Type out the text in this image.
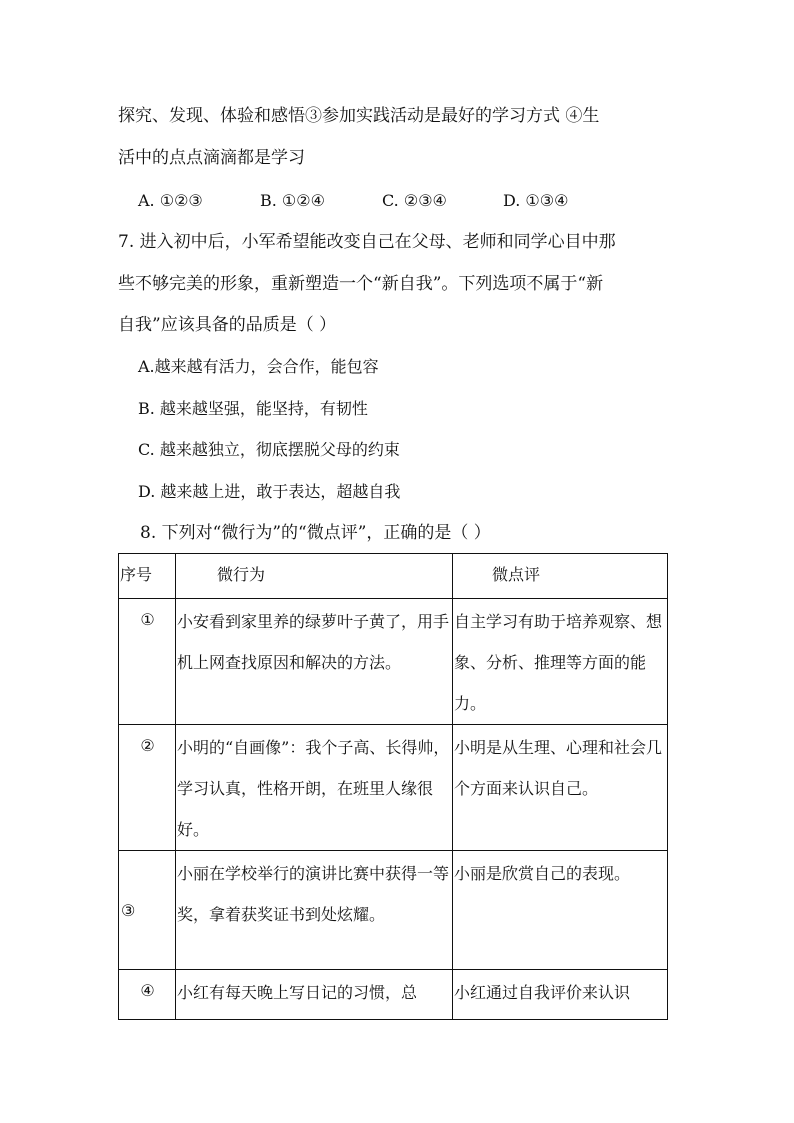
探究、发现、体验和感悟③参加实践活动是最好的学习方式 ④生
活中的点点滴滴都是学习
A. ①②③	B. ①②④	C. ②③④	D. ①③④
7. 进入初中后，小军希望能改变自己在父母、老师和同学心目中那
些不够完美的形象，重新塑造一个“新自我”。下列选项不属于“新
自我”应该具备的品质是（ ）
A.越来越有活力，会合作，能包容
B. 越来越坚强，能坚持，有韧性
C. 越来越独立，彻底摆脱父母的约束
D. 越来越上进，敢于表达，超越自我
8. 下列对“微行为”的“微点评”，正确的是（ ）
序号	微行为	微点评

①	小安看到家里养的绿萝叶子黄了，用手机上网查找原因和解决的方法。	自主学习有助于培养观察、想象、分析、推理等方面的能力。

②	小明的“自画像”：我个子高、长得帅，学习认真，性格开朗，在班里人缘很好。	小明是从生理、心理和社会几个方面来认识自己。

③	小丽在学校举行的演讲比赛中获得一等奖，拿着获奖证书到处炫耀。	小丽是欣赏自己的表现。

④	小红有每天晚上写日记的习惯，总	小红通过自我评价来认识
